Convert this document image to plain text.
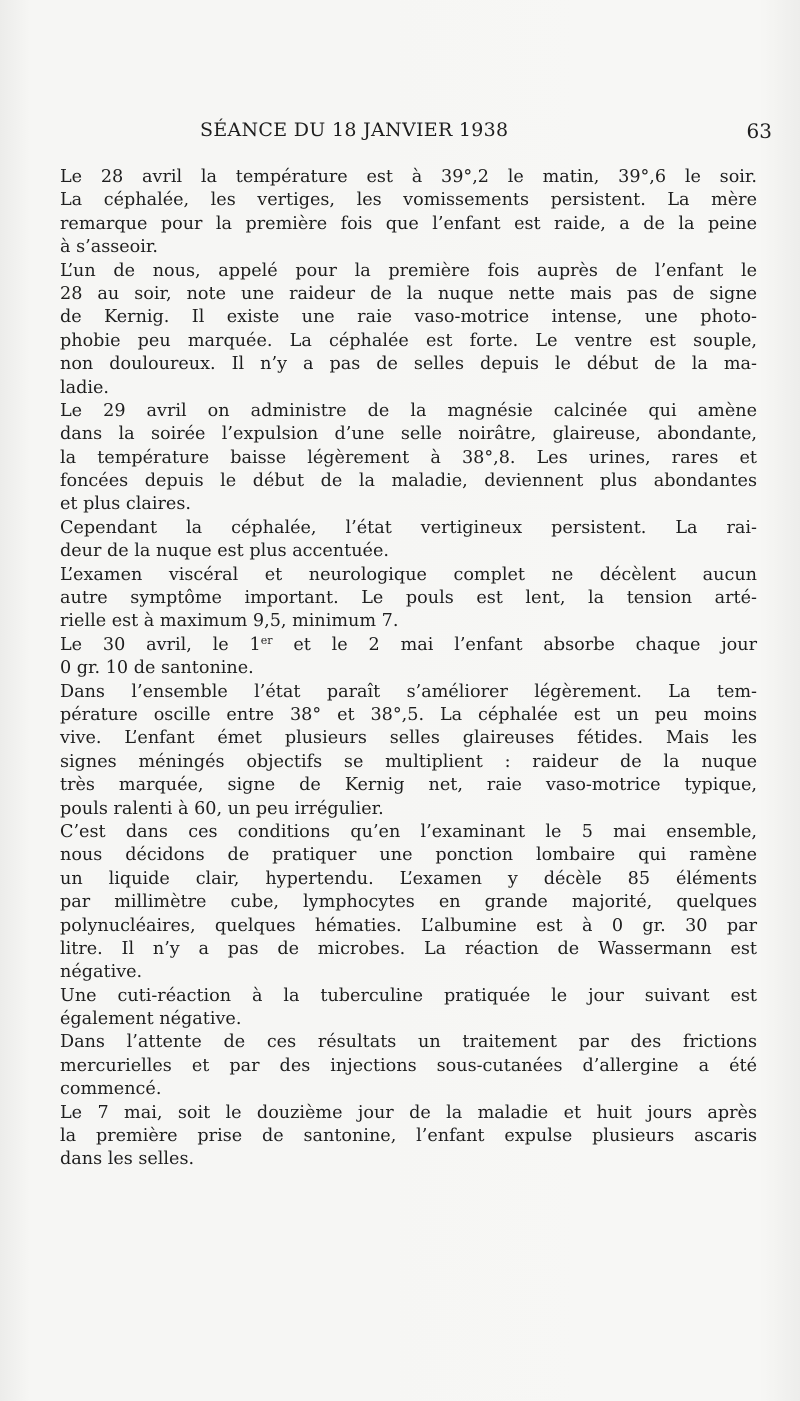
SÉANCE DU 18 JANVIER 1938	63

Le 28 avril la température est à 39°,2 le matin, 39°,6 le soir.
La céphalée, les vertiges, les vomissements persistent. La mère
remarque pour la première fois que l’enfant est raide, a de la peine
à s’asseoir.

L’un de nous, appelé pour la première fois auprès de l’enfant le
28 au soir, note une raideur de la nuque nette mais pas de signe
de Kernig. Il existe une raie vaso-motrice intense, une photo-
phobie peu marquée. La céphalée est forte. Le ventre est souple,
non douloureux. Il n’y a pas de selles depuis le début de la ma-
ladie.

Le 29 avril on administre de la magnésie calcinée qui amène
dans la soirée l’expulsion d’une selle noirâtre, glaireuse, abondante,
la température baisse légèrement à 38°,8. Les urines, rares et
foncées depuis le début de la maladie, deviennent plus abondantes
et plus claires.

Cependant la céphalée, l’état vertigineux persistent. La rai-
deur de la nuque est plus accentuée.

L’examen viscéral et neurologique complet ne décèlent aucun
autre symptôme important. Le pouls est lent, la tension arté-
rielle est à maximum 9,5, minimum 7.

Le 30 avril, le 1er et le 2 mai l’enfant absorbe chaque jour
0 gr. 10 de santonine.

Dans l’ensemble l’état paraît s’améliorer légèrement. La tem-
pérature oscille entre 38° et 38°,5. La céphalée est un peu moins
vive. L’enfant émet plusieurs selles glaireuses fétides. Mais les
signes méningés objectifs se multiplient : raideur de la nuque
très marquée, signe de Kernig net, raie vaso-motrice typique,
pouls ralenti à 60, un peu irrégulier.

C’est dans ces conditions qu’en l’examinant le 5 mai ensemble,
nous décidons de pratiquer une ponction lombaire qui ramène
un liquide clair, hypertendu. L’examen y décèle 85 éléments
par millimètre cube, lymphocytes en grande majorité, quelques
polynucléaires, quelques hématies. L’albumine est à 0 gr. 30 par
litre. Il n’y a pas de microbes. La réaction de Wassermann est
négative.

Une cuti-réaction à la tuberculine pratiquée le jour suivant est
également négative.

Dans l’attente de ces résultats un traitement par des frictions
mercurielles et par des injections sous-cutanées d’allergine a été
commencé.

Le 7 mai, soit le douzième jour de la maladie et huit jours après
la première prise de santonine, l’enfant expulse plusieurs ascaris
dans les selles.
